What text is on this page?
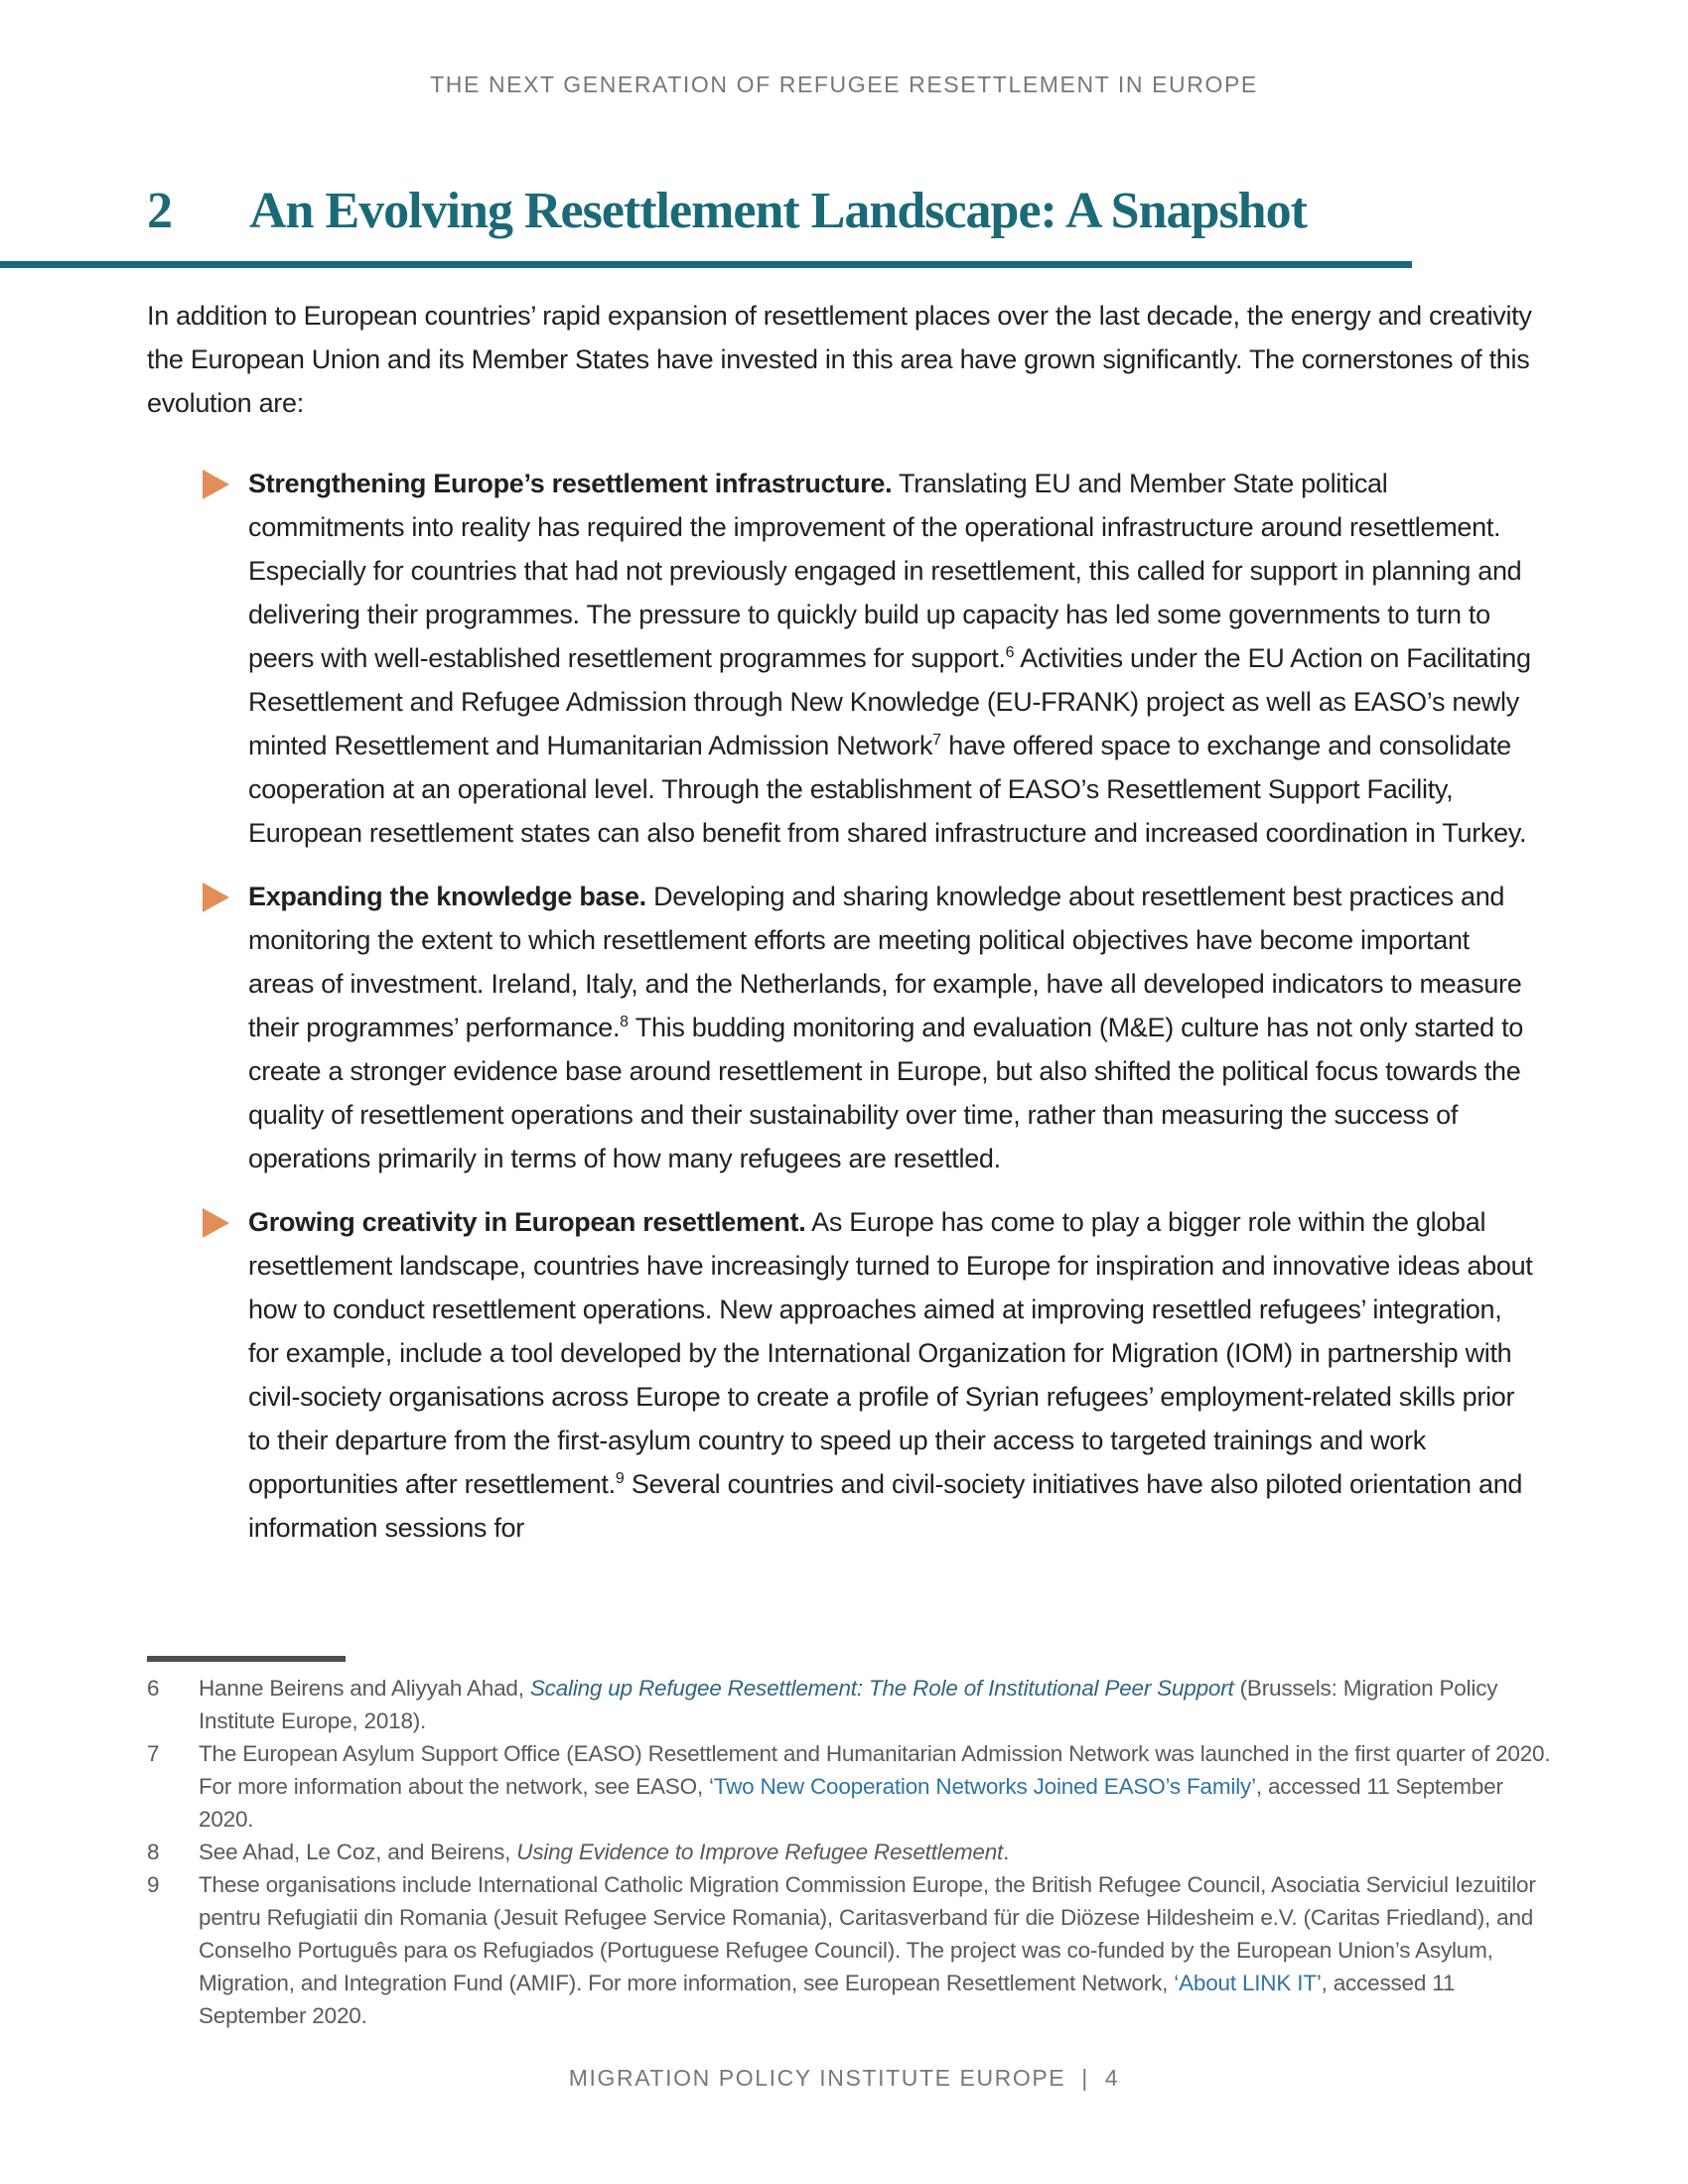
THE NEXT GENERATION OF REFUGEE RESETTLEMENT IN EUROPE
2	An Evolving Resettlement Landscape: A Snapshot

In addition to European countries’ rapid expansion of resettlement places over the last decade, the energy and creativity the European Union and its Member States have invested in this area have grown significantly. The cornerstones of this evolution are:

Strengthening Europe’s resettlement infrastructure. Translating EU and Member State political commitments into reality has required the improvement of the operational infrastructure around resettlement. Especially for countries that had not previously engaged in resettlement, this called for support in planning and delivering their programmes. The pressure to quickly build up capacity has led some governments to turn to peers with well-established resettlement programmes for support.$^6$ Activities under the EU Action on Facilitating Resettlement and Refugee Admission through New Knowledge (EU-FRANK) project as well as EASO’s newly minted Resettlement and Humanitarian Admission Network$^7$ have offered space to exchange and consolidate cooperation at an operational level. Through the establishment of EASO’s Resettlement Support Facility, European resettlement states can also benefit from shared infrastructure and increased coordination in Turkey.

Expanding the knowledge base. Developing and sharing knowledge about resettlement best practices and monitoring the extent to which resettlement efforts are meeting political objectives have become important areas of investment. Ireland, Italy, and the Netherlands, for example, have all developed indicators to measure their programmes’ performance.$^8$ This budding monitoring and evaluation (M&E) culture has not only started to create a stronger evidence base around resettlement in Europe, but also shifted the political focus towards the quality of resettlement operations and their sustainability over time, rather than measuring the success of operations primarily in terms of how many refugees are resettled.

Growing creativity in European resettlement. As Europe has come to play a bigger role within the global resettlement landscape, countries have increasingly turned to Europe for inspiration and innovative ideas about how to conduct resettlement operations. New approaches aimed at improving resettled refugees’ integration, for example, include a tool developed by the International Organization for Migration (IOM) in partnership with civil-society organisations across Europe to create a profile of Syrian refugees’ employment-related skills prior to their departure from the first-asylum country to speed up their access to targeted trainings and work opportunities after resettlement.$^9$ Several countries and civil-society initiatives have also piloted orientation and information sessions for

6	Hanne Beirens and Aliyyah Ahad, Scaling up Refugee Resettlement: The Role of Institutional Peer Support (Brussels: Migration Policy Institute Europe, 2018).
7	The European Asylum Support Office (EASO) Resettlement and Humanitarian Admission Network was launched in the first quarter of 2020. For more information about the network, see EASO, ‘Two New Cooperation Networks Joined EASO’s Family’, accessed 11 September 2020.
8	See Ahad, Le Coz, and Beirens, Using Evidence to Improve Refugee Resettlement.
9	These organisations include International Catholic Migration Commission Europe, the British Refugee Council, Asociatia Serviciul Iezuitilor pentru Refugiatii din Romania (Jesuit Refugee Service Romania), Caritasverband für die Diözese Hildesheim e.V. (Caritas Friedland), and Conselho Português para os Refugiados (Portuguese Refugee Council). The project was co-funded by the European Union’s Asylum, Migration, and Integration Fund (AMIF). For more information, see European Resettlement Network, ‘About LINK IT’, accessed 11 September 2020.
MIGRATION POLICY INSTITUTE EUROPE | 4
